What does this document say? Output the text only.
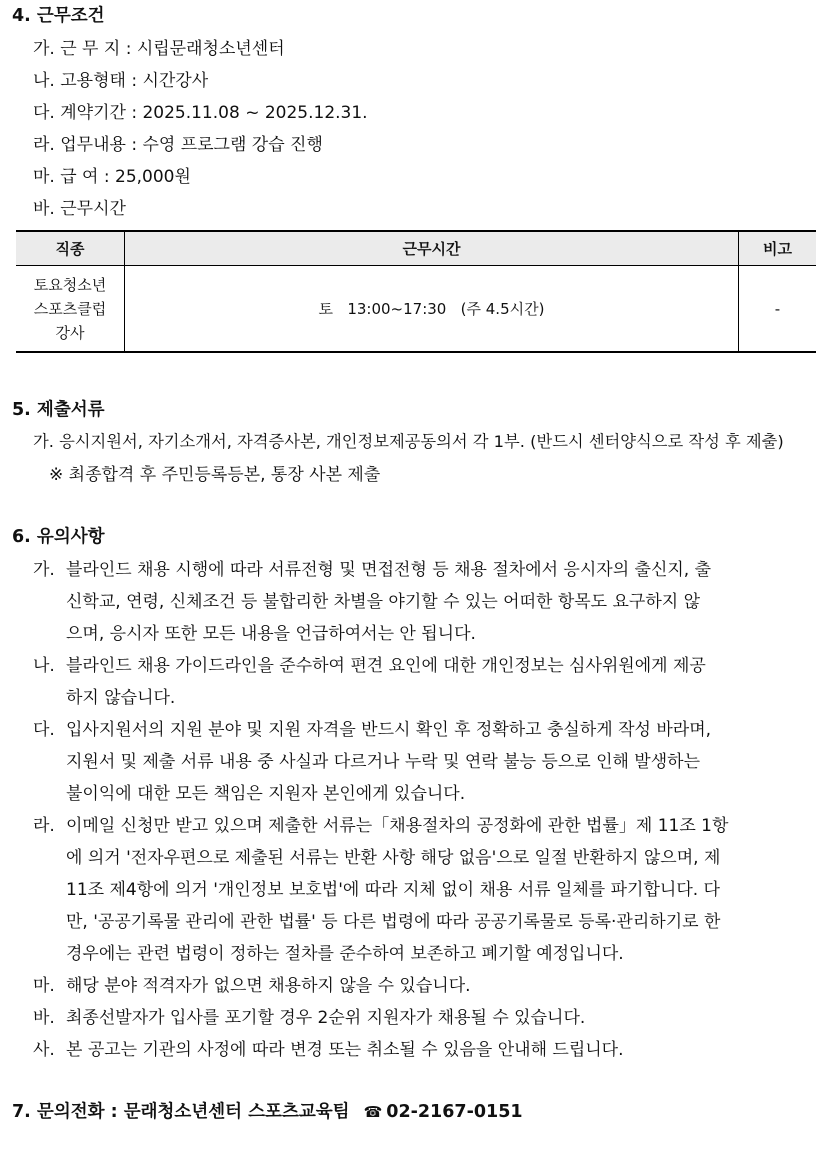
4. 근무조건
가. 근 무 지 : 시립문래청소년센터
나. 고용형태 : 시간강사
다. 계약기간 : 2025.11.08 ~ 2025.12.31.
라. 업무내용 : 수영 프로그램 강습 진행
마. 급 여 : 25,000원
바. 근무시간
직종	근무시간	비고

토요청소년
스포츠클럽
강사	토   13:00~17:30   (주 4.5시간)	-
5. 제출서류
가. 응시지원서, 자기소개서, 자격증사본, 개인정보제공동의서 각 1부. (반드시 센터양식으로 작성 후 제출)
※ 최종합격 후 주민등록등본, 통장 사본 제출
6. 유의사항
가. 블라인드 채용 시행에 따라 서류전형 및 면접전형 등 채용 절차에서 응시자의 출신지, 출
신학교, 연령, 신체조건 등 불합리한 차별을 야기할 수 있는 어떠한 항목도 요구하지 않
으며, 응시자 또한 모든 내용을 언급하여서는 안 됩니다.
나. 블라인드 채용 가이드라인을 준수하여 편견 요인에 대한 개인정보는 심사위원에게 제공
하지 않습니다.
다. 입사지원서의 지원 분야 및 지원 자격을 반드시 확인 후 정확하고 충실하게 작성 바라며,
지원서 및 제출 서류 내용 중 사실과 다르거나 누락 및 연락 불능 등으로 인해 발생하는
불이익에 대한 모든 책임은 지원자 본인에게 있습니다.
라. 이메일 신청만 받고 있으며 제출한 서류는「채용절차의 공정화에 관한 법률」제 11조 1항
에 의거 '전자우편으로 제출된 서류는 반환 사항 해당 없음'으로 일절 반환하지 않으며, 제
11조 제4항에 의거 '개인정보 보호법'에 따라 지체 없이 채용 서류 일체를 파기합니다. 다
만, '공공기록물 관리에 관한 법률' 등 다른 법령에 따라 공공기록물로 등록·관리하기로 한
경우에는 관련 법령이 정하는 절차를 준수하여 보존하고 폐기할 예정입니다.
마. 해당 분야 적격자가 없으면 채용하지 않을 수 있습니다.
바. 최종선발자가 입사를 포기할 경우 2순위 지원자가 채용될 수 있습니다.
사. 본 공고는 기관의 사정에 따라 변경 또는 취소될 수 있음을 안내해 드립니다.
7. 문의전화 : 문래청소년센터 스포츠교육팀 ☎ 02-2167-0151
